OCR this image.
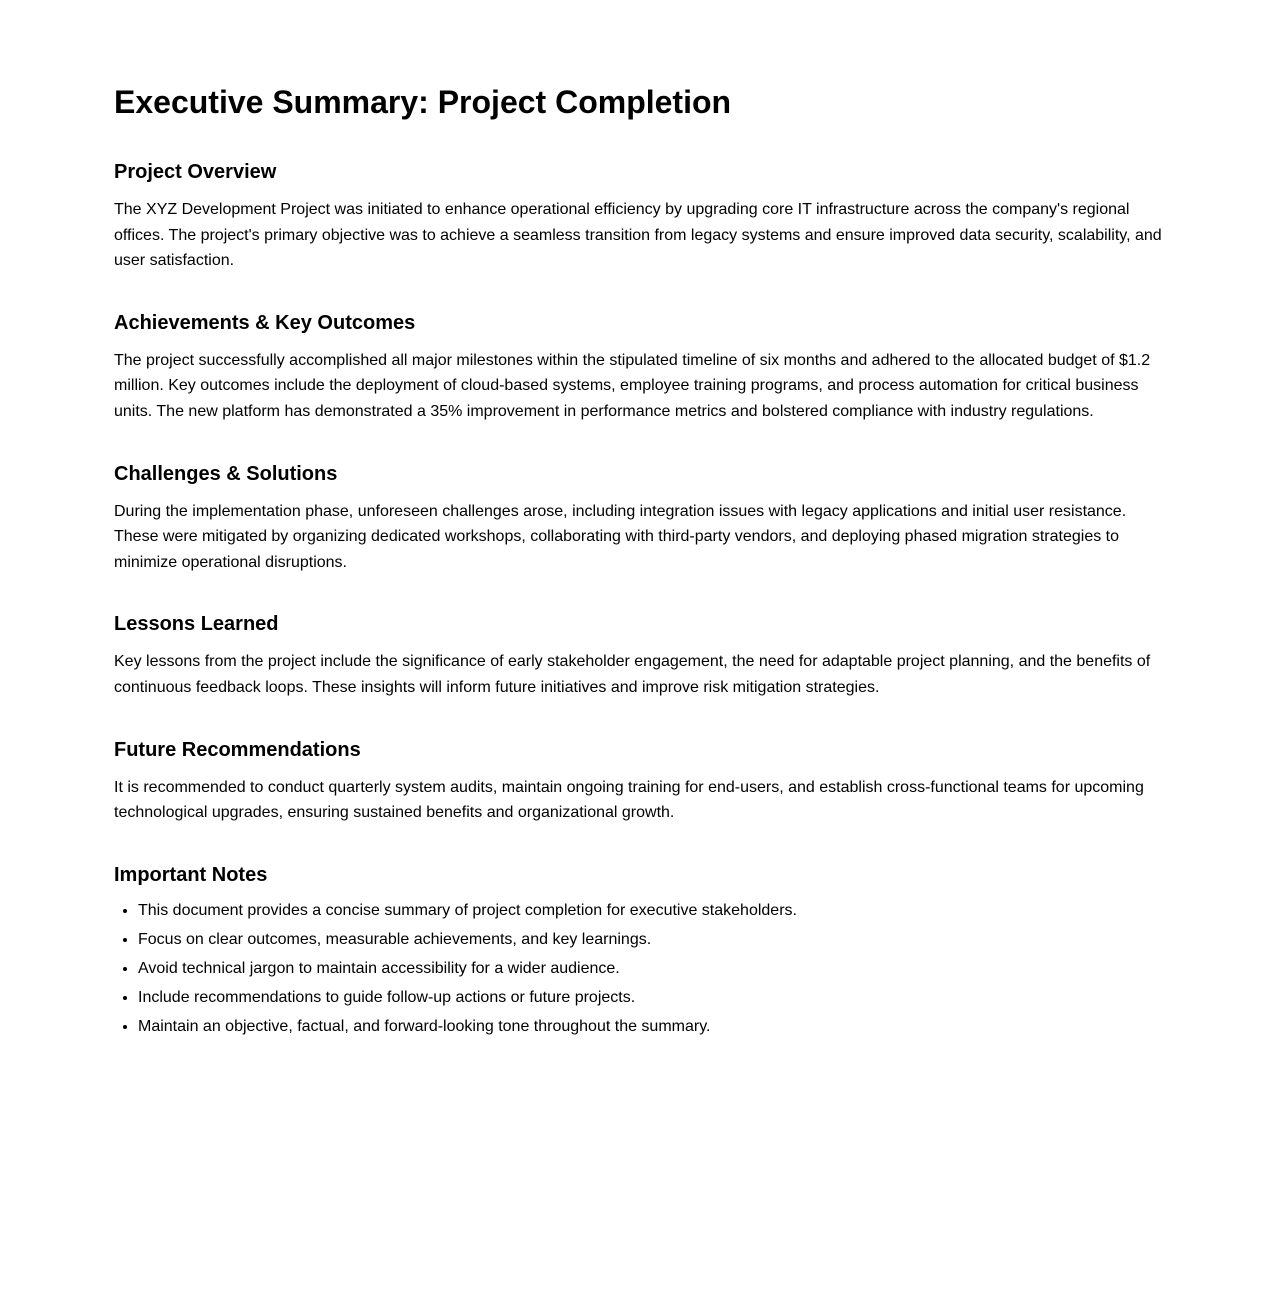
Executive Summary: Project Completion
Project Overview

The XYZ Development Project was initiated to enhance operational efficiency by upgrading core IT infrastructure across the company's regional offices. The project's primary objective was to achieve a seamless transition from legacy systems and ensure improved data security, scalability, and user satisfaction.

Achievements & Key Outcomes

The project successfully accomplished all major milestones within the stipulated timeline of six months and adhered to the allocated budget of $1.2 million. Key outcomes include the deployment of cloud-based systems, employee training programs, and process automation for critical business units. The new platform has demonstrated a 35% improvement in performance metrics and bolstered compliance with industry regulations.

Challenges & Solutions

During the implementation phase, unforeseen challenges arose, including integration issues with legacy applications and initial user resistance. These were mitigated by organizing dedicated workshops, collaborating with third-party vendors, and deploying phased migration strategies to minimize operational disruptions.

Lessons Learned

Key lessons from the project include the significance of early stakeholder engagement, the need for adaptable project planning, and the benefits of continuous feedback loops. These insights will inform future initiatives and improve risk mitigation strategies.

Future Recommendations

It is recommended to conduct quarterly system audits, maintain ongoing training for end-users, and establish cross-functional teams for upcoming technological upgrades, ensuring sustained benefits and organizational growth.

Important Notes
• This document provides a concise summary of project completion for executive stakeholders.
• Focus on clear outcomes, measurable achievements, and key learnings.
• Avoid technical jargon to maintain accessibility for a wider audience.
• Include recommendations to guide follow-up actions or future projects.
• Maintain an objective, factual, and forward-looking tone throughout the summary.
